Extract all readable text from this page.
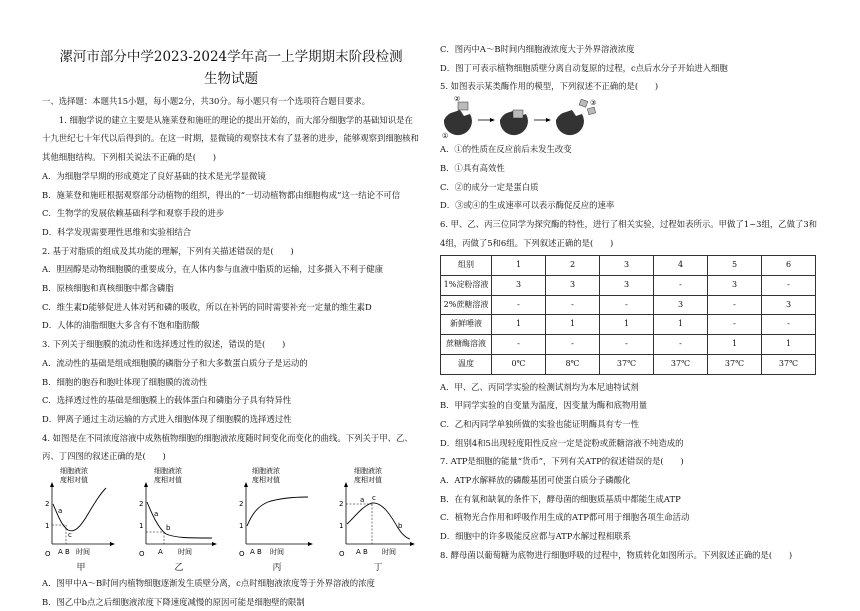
漯河市部分中学2023-2024学年高一上学期期末阶段检测
生物试题

一、选择题：本题共15小题，每小题2分，共30分。每小题只有一个选项符合题目要求。

1. 细胞学说的建立主要是从施莱登和施旺的理论的提出开始的，而大部分细胞学的基础知识是在十九世纪七十年代以后得到的。在这一时期，显微镜的观察技术有了显著的进步，能够观察到细胞核和其他细胞结构。下列相关说法不正确的是(　　)

A．为细胞学早期的形成奠定了良好基础的技术是光学显微镜

B．施莱登和施旺根据观察部分动植物的组织，得出的“一切动植物都由细胞构成”这一结论不可信

C．生物学的发展依赖基础科学和观察手段的进步

D．科学发现需要理性思维和实验相结合

2. 基于对脂质的组成及其功能的理解，下列有关描述错误的是(　　)

A．胆固醇是动物细胞膜的重要成分，在人体内参与血液中脂质的运输，过多摄入不利于健康

B．原核细胞和真核细胞中都含磷脂

C．维生素D能够促进人体对钙和磷的吸收，所以在补钙的同时需要补充一定量的维生素D

D．人体的油脂细胞大多含有不饱和脂肪酸

3. 下列关于细胞膜的流动性和选择透过性的叙述，错误的是(　　)

A．流动性的基础是组成细胞膜的磷脂分子和大多数蛋白质分子是运动的

B．细胞的胞吞和胞吐体现了细胞膜的流动性

C．选择透过性的基础是细胞膜上的载体蛋白和磷脂分子具有特异性

D．钾离子通过主动运输的方式进入细胞体现了细胞膜的选择透过性

4. 如图是在不同浓度溶液中成熟植物细胞的细胞液浓度随时间变化而变化的曲线。下列关于甲、乙、丙、丁四图的叙述正确的是(　　)

细胞液浓
度相对值
2
1
a
c
O A B 时间
甲
细胞液浓
度相对值
2
1
a
b
O A 时间
乙
细胞液浓
度相对值
2
1
O A B 时间
丙
细胞液浓
度相对值
2
1
a c
b
O A B 时间
丁

A．图甲中A～B时间内植物细胞逐渐发生质壁分离，c点时细胞液浓度等于外界溶液的浓度

B．图乙中b点之后细胞液浓度下降速度减慢的原因可能是细胞壁的限制

C．图丙中A～B时间内细胞液浓度大于外界溶液浓度

D．图丁可表示植物细胞质壁分离自动复原的过程，c点后水分子开始进入细胞

5. 如图表示某类酶作用的模型，下列叙述不正确的是(　　)

②
①
③

A．①的性质在反应前后未发生改变

B．①具有高效性

C．②的成分一定是蛋白质

D．③或④的生成速率可以表示酶促反应的速率

6. 甲、乙、丙三位同学为探究酶的特性，进行了相关实验，过程如表所示。甲做了1~3组，乙做了3和4组，丙做了5和6组。下列叙述正确的是(　　)

组别	1	2	3	4	5	6
1%淀粉溶液	3	3	3	-	3	-
2%蔗糖溶液	-	-	-	3	-	3
新鲜唾液	1	1	1	1	-	-
蔗糖酶溶液	-	-	-	-	1	1
温度	0℃	8℃	37℃	37℃	37℃	37℃

A．甲、乙、丙同学实验的检测试剂均为本尼迪特试剂

B．甲同学实验的自变量为温度，因变量为酶和底物用量

C．乙和丙同学单独所做的实验也能证明酶具有专一性

D．组别4和5出现轻度阳性反应一定是淀粉或蔗糖溶液不纯造成的

7. ATP是细胞的能量“货币”，下列有关ATP的叙述错误的是(　　)

A．ATP水解释放的磷酸基团可使蛋白质分子磷酸化

B．在有氧和缺氧的条件下，酵母菌的细胞质基质中都能生成ATP

C．植物光合作用和呼吸作用生成的ATP都可用于细胞各项生命活动

D．细胞中的许多吸能反应都与ATP水解过程相联系

8. 酵母菌以葡萄糖为底物进行细胞呼吸的过程中，物质转化如图所示。下列叙述正确的是(　　)
